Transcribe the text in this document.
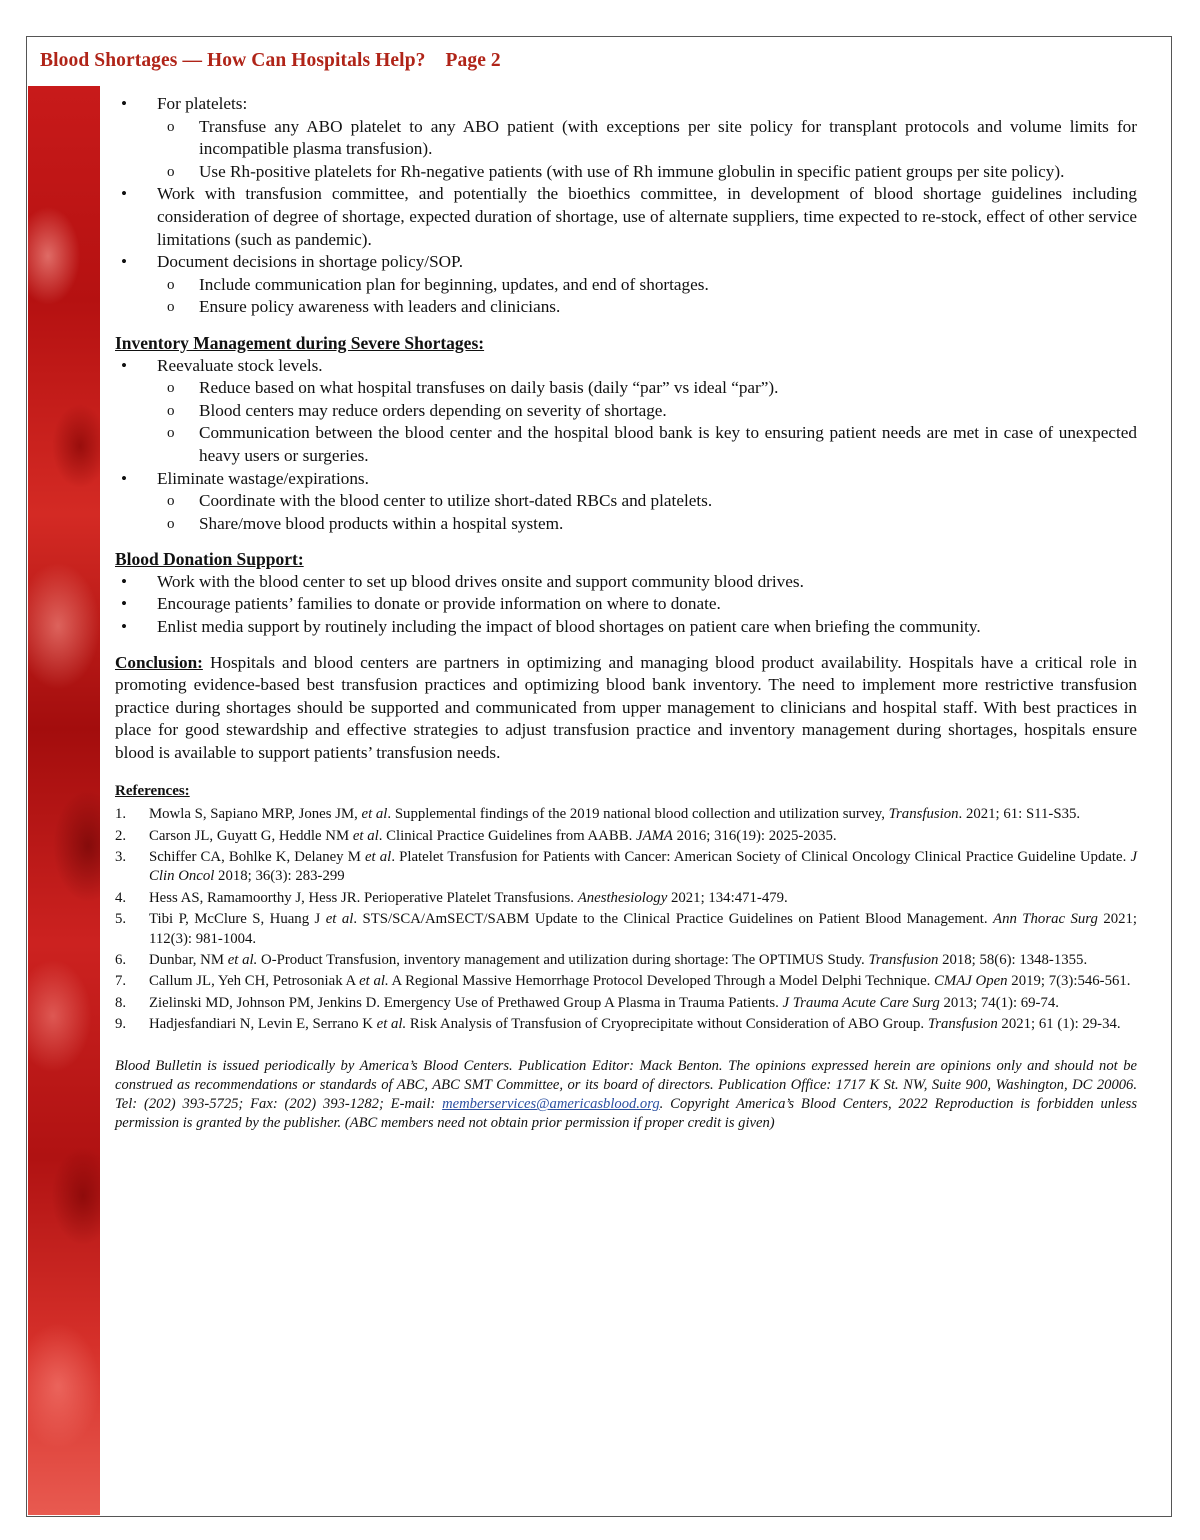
Blood Shortages — How Can Hospitals Help? Page 2
• For platelets:
o Transfuse any ABO platelet to any ABO patient (with exceptions per site policy for transplant protocols and volume limits for incompatible plasma transfusion).
o Use Rh-positive platelets for Rh-negative patients (with use of Rh immune globulin in specific patient groups per site policy).
• Work with transfusion committee, and potentially the bioethics committee, in development of blood shortage guidelines including consideration of degree of shortage, expected duration of shortage, use of alternate suppliers, time expected to re-stock, effect of other service limitations (such as pandemic).
• Document decisions in shortage policy/SOP.
o Include communication plan for beginning, updates, and end of shortages.
o Ensure policy awareness with leaders and clinicians.
Inventory Management during Severe Shortages:
• Reevaluate stock levels.
o Reduce based on what hospital transfuses on daily basis (daily “par” vs ideal “par”).
o Blood centers may reduce orders depending on severity of shortage.
o Communication between the blood center and the hospital blood bank is key to ensuring patient needs are met in case of unexpected heavy users or surgeries.
• Eliminate wastage/expirations.
o Coordinate with the blood center to utilize short-dated RBCs and platelets.
o Share/move blood products within a hospital system.
Blood Donation Support:
• Work with the blood center to set up blood drives onsite and support community blood drives.
• Encourage patients’ families to donate or provide information on where to donate.
• Enlist media support by routinely including the impact of blood shortages on patient care when briefing the community.

Conclusion: Hospitals and blood centers are partners in optimizing and managing blood product availability. Hospitals have a critical role in promoting evidence-based best transfusion practices and optimizing blood bank inventory. The need to implement more restrictive transfusion practice during shortages should be supported and communicated from upper management to clinicians and hospital staff. With best practices in place for good stewardship and effective strategies to adjust transfusion practice and inventory management during shortages, hospitals ensure blood is available to support patients’ transfusion needs.

References:
1. Mowla S, Sapiano MRP, Jones JM, et al. Supplemental findings of the 2019 national blood collection and utilization survey, Transfusion. 2021; 61: S11-S35.
2. Carson JL, Guyatt G, Heddle NM et al. Clinical Practice Guidelines from AABB. JAMA 2016; 316(19): 2025-2035.
3. Schiffer CA, Bohlke K, Delaney M et al. Platelet Transfusion for Patients with Cancer: American Society of Clinical Oncology Clinical Practice Guideline Update. J Clin Oncol 2018; 36(3): 283-299
4. Hess AS, Ramamoorthy J, Hess JR. Perioperative Platelet Transfusions. Anesthesiology 2021; 134:471-479.
5. Tibi P, McClure S, Huang J et al. STS/SCA/AmSECT/SABM Update to the Clinical Practice Guidelines on Patient Blood Management. Ann Thorac Surg 2021; 112(3): 981-1004.
6. Dunbar, NM et al. O-Product Transfusion, inventory management and utilization during shortage: The OPTIMUS Study. Transfusion 2018; 58(6): 1348-1355.
7. Callum JL, Yeh CH, Petrosoniak A et al. A Regional Massive Hemorrhage Protocol Developed Through a Model Delphi Technique. CMAJ Open 2019; 7(3):546-561.
8. Zielinski MD, Johnson PM, Jenkins D. Emergency Use of Prethawed Group A Plasma in Trauma Patients. J Trauma Acute Care Surg 2013; 74(1): 69-74.
9. Hadjesfandiari N, Levin E, Serrano K et al. Risk Analysis of Transfusion of Cryoprecipitate without Consideration of ABO Group. Transfusion 2021; 61 (1): 29-34.

Blood Bulletin is issued periodically by America’s Blood Centers. Publication Editor: Mack Benton. The opinions expressed herein are opinions only and should not be construed as recommendations or standards of ABC, ABC SMT Committee, or its board of directors. Publication Office: 1717 K St. NW, Suite 900, Washington, DC 20006. Tel: (202) 393-5725; Fax: (202) 393-1282; E-mail: memberservices@americasblood.org. Copyright America’s Blood Centers, 2022 Reproduction is forbidden unless permission is granted by the publisher. (ABC members need not obtain prior permission if proper credit is given)
